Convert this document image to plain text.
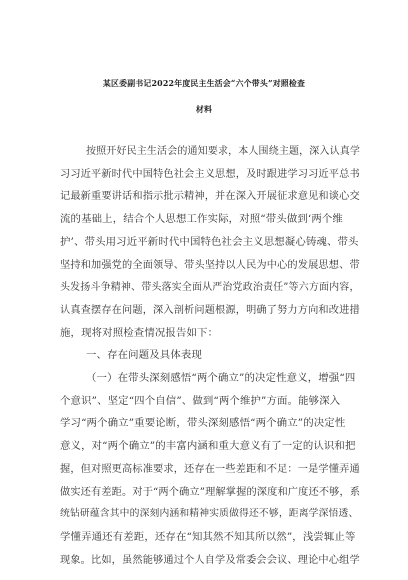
某区委副书记2022年度民主生活会“六个带头”对照检查
材料
按照开好民主生活会的通知要求，本人围绕主题，深入认真学
习习近平新时代中国特色社会主义思想，及时跟进学习习近平总书
记最新重要讲话和指示批示精神，并在深入开展征求意见和谈心交
流的基础上，结合个人思想工作实际，对照“带头做到‘两个维
护’、带头用习近平新时代中国特色社会主义思想凝心铸魂、带头
坚持和加强党的全面领导、带头坚持以人民为中心的发展思想、带
头发扬斗争精神、带头落实全面从严治党政治责任”等六方面内容，
认真查摆存在问题，深入剖析问题根源，明确了努力方向和改进措
施，现将对照检查情况报告如下：
一、存在问题及具体表现
（一）在带头深刻感悟“两个确立”的决定性意义，增强“四
个意识”、坚定“四个自信”、做到“两个维护”方面。能够深入
学习“两个确立”重要论断，带头深刻感悟“两个确立”的决定性
意义，对“两个确立”的丰富内涵和重大意义有了一定的认识和把
握，但对照更高标准要求，还存在一些差距和不足：一是学懂弄通
做实还有差距。对于“两个确立”理解掌握的深度和广度还不够，系
统钻研蕴含其中的深刻内涵和精神实质做得还不够，距离学深悟透、
学懂弄通还有差距，还存在“知其然不知其所以然”，浅尝辄止等
现象。比如，虽然能够通过个人自学及常委会会议、理论中心组学
